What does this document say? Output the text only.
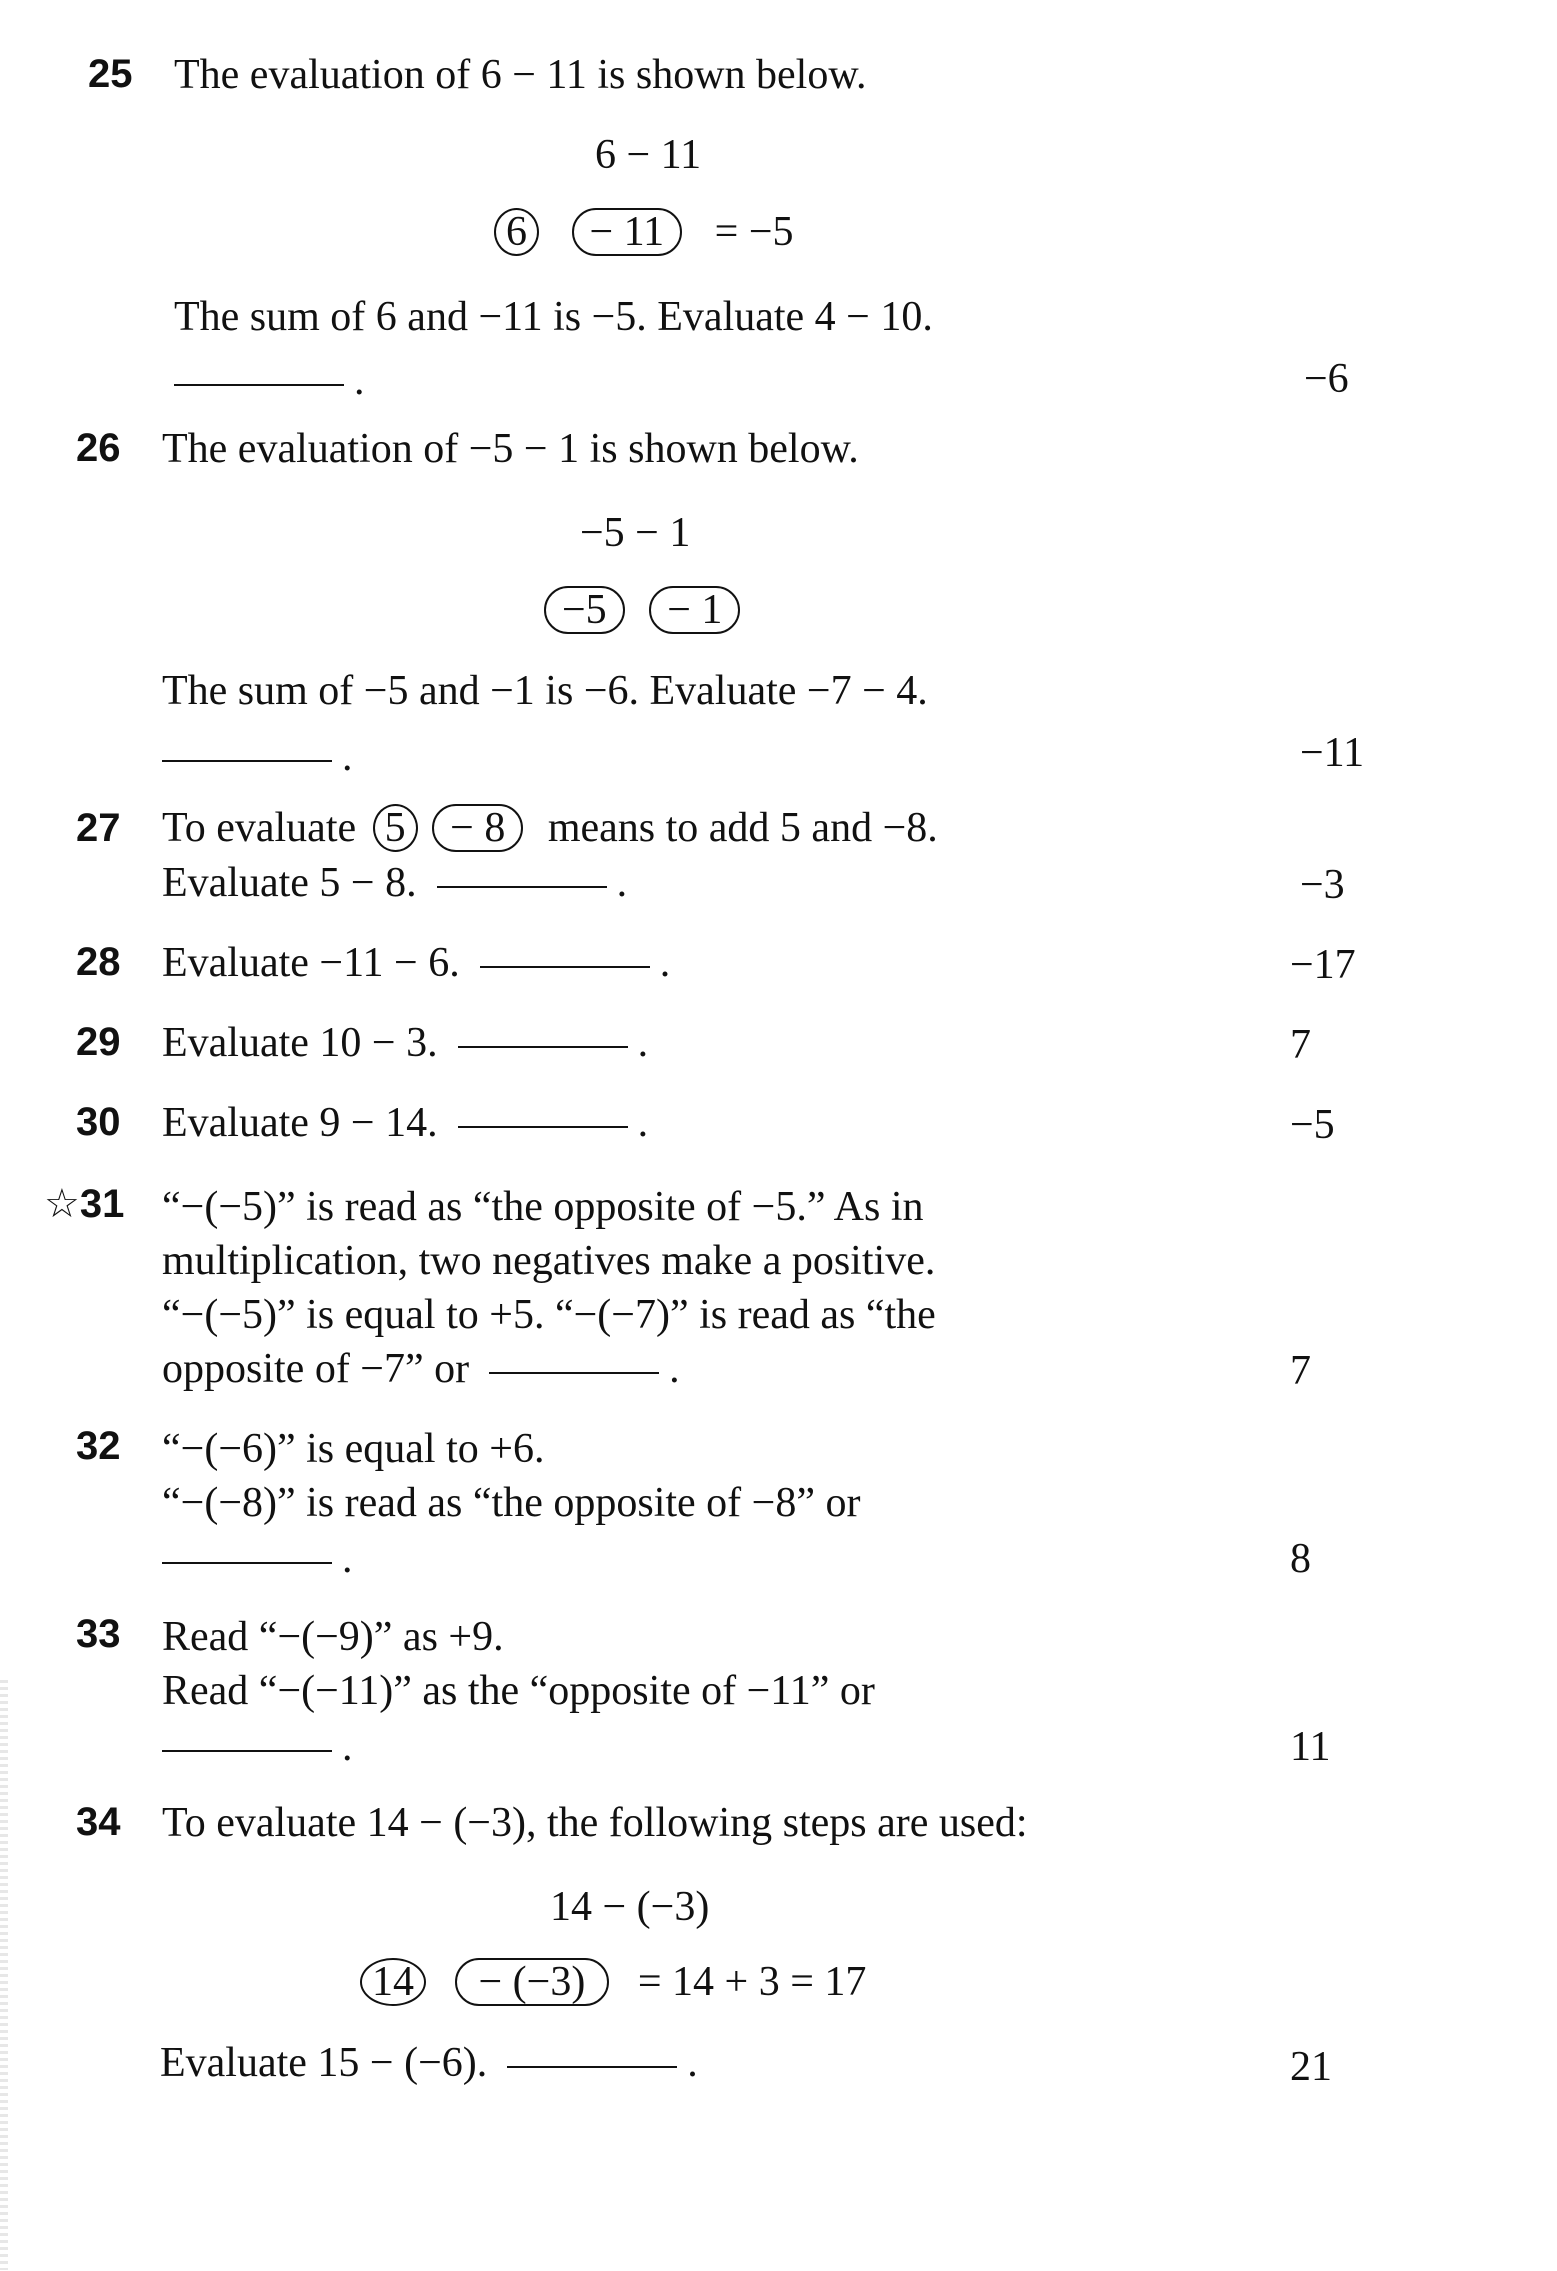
25 The evaluation of 6 − 11 is shown below.
6 − 11
6 − 11 = −5
The sum of 6 and −11 is −5. Evaluate 4 − 10.
.	−6
26 The evaluation of −5 − 1 is shown below.
−5 − 1
−5 − 1
The sum of −5 and −1 is −6. Evaluate −7 − 4.
.	−11
27 To evaluate 5 − 8 means to add 5 and −8.
Evaluate 5 − 8.	.	−3
28 Evaluate −11 − 6.	.	−17
29 Evaluate 10 − 3.	.	7
30 Evaluate 9 − 14.	.	−5
☆31 “−(−5)” is read as “the opposite of −5.” As in
multiplication, two negatives make a positive.
“−(−5)” is equal to +5. “−(−7)” is read as “the
opposite of −7” or	.	7
32 “−(−6)” is equal to +6.
“−(−8)” is read as “the opposite of −8” or
.	8
33 Read “−(−9)” as +9.
Read “−(−11)” as the “opposite of −11” or
.	11
34 To evaluate 14 − (−3), the following steps are used:
14 − (−3)
14 − (−3) = 14 + 3 = 17
Evaluate 15 − (−6).	.	21
